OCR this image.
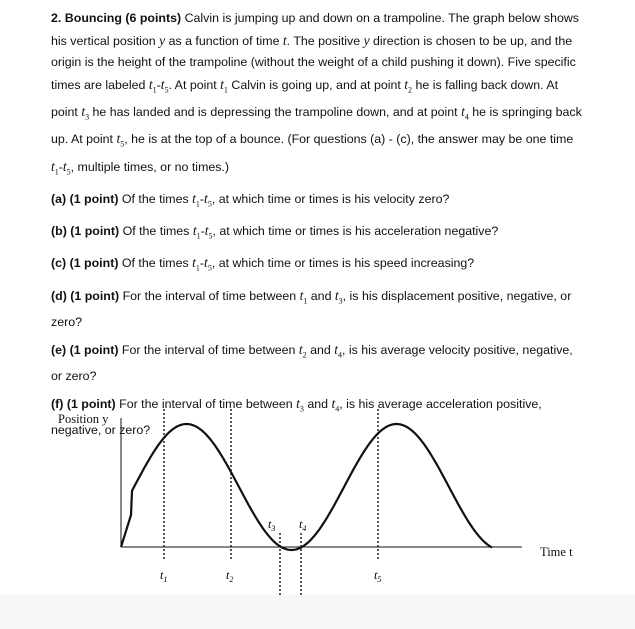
2. Bouncing (6 points) Calvin is jumping up and down on a trampoline. The graph below shows his vertical position y as a function of time t. The positive y direction is chosen to be up, and the origin is the height of the trampoline (without the weight of a child pushing it down). Five specific times are labeled $t_1-t_5$. At point $t_1$ Calvin is going up, and at point $t_2$ he is falling back down. At point $t_3$ he has landed and is depressing the trampoline down, and at point $t_4$ he is springing back up. At point $t_5$, he is at the top of a bounce. (For questions (a) - (c), the answer may be one time $t_1-t_5$, multiple times, or no times.)

(a) (1 point) Of the times $t_1-t_5$, at which time or times is his velocity zero?

(b) (1 point) Of the times $t_1-t_5$, at which time or times is his acceleration negative?

(c) (1 point) Of the times $t_1-t_5$, at which time or times is his speed increasing?

(d) (1 point) For the interval of time between $t_1$ and $t_3$, is his displacement positive, negative, or zero?

(e) (1 point) For the interval of time between $t_2$ and $t_4$, is his average velocity positive, negative, or zero?

(f) (1 point) For the interval of time between $t_3$ and $t_4$, is his average acceleration positive, negative, or zero?

Position y
Time t
$t_1$	$t_2$
$t_3$ $t_4$
$t_5$
